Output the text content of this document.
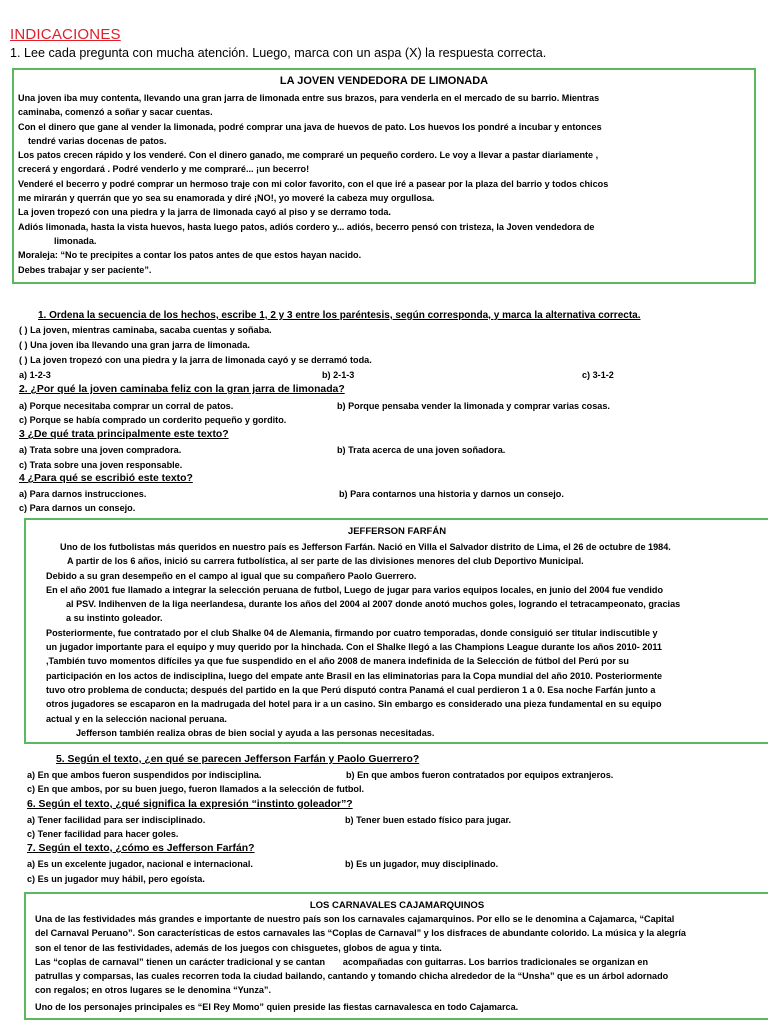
INDICACIONES
1. Lee cada pregunta con mucha atención. Luego, marca con un aspa (X) la respuesta correcta.
LA JOVEN VENDEDORA DE LIMONADA

Una joven iba muy contenta, llevando una gran jarra de limonada entre sus brazos, para venderla en el mercado de su barrio. Mientras

caminaba, comenzó a soñar y sacar cuentas.

Con el dinero que gane al vender la limonada, podré comprar una java de huevos de pato. Los huevos los pondré a incubar y entonces

tendré varias docenas de patos.

Los patos crecen rápido y los venderé. Con el dinero ganado, me compraré un pequeño cordero. Le voy a llevar a pastar diariamente ,

crecerá y engordará . Podré venderlo y me compraré... ¡un becerro!

Venderé el becerro y podré comprar un hermoso traje con mi color favorito, con el que iré a pasear por la plaza del barrio y todos chicos

me mirarán y querrán que yo sea su enamorada y diré ¡NO!, yo moveré la cabeza muy orgullosa.

La joven tropezó con una piedra y la jarra de limonada cayó al piso y se derramo toda.

Adiós limonada, hasta la vista huevos, hasta luego patos, adiós cordero y... adiós, becerro pensó con tristeza, la Joven vendedora de

limonada.

Moraleja: “No te precipites a contar los patos antes de que estos hayan nacido.

Debes trabajar y ser paciente”.

1. Ordena la secuencia de los hechos, escribe 1, 2 y 3 entre los paréntesis, según corresponda, y marca la alternativa correcta.
( ) La joven, mientras caminaba, sacaba cuentas y soñaba.
( ) Una joven iba llevando una gran jarra de limonada.
( ) La joven tropezó con una piedra y la jarra de limonada cayó y se derramó toda.
a) 1-2-3	b) 2-1-3	c) 3-1-2
2. ¿Por qué la joven caminaba feliz con la gran jarra de limonada?
a) Porque necesitaba comprar un corral de patos.	b) Porque pensaba vender la limonada y comprar varias cosas.
c) Porque se había comprado un corderito pequeño y gordito.
3 ¿De qué trata principalmente este texto?
a) Trata sobre una joven compradora.	b) Trata acerca de una joven soñadora.
c) Trata sobre una joven responsable.
4 ¿Para qué se escribió este texto?
a) Para darnos instrucciones.	b) Para contarnos una historia y darnos un consejo.
c) Para darnos un consejo.
JEFFERSON FARFÁN

Uno de los futbolistas más queridos en nuestro país es Jefferson Farfán. Nació en Villa el Salvador distrito de Lima, el 26 de octubre de 1984.

A partir de los 6 años, inició su carrera futbolística, al ser parte de las divisiones menores del club Deportivo Municipal.

Debido a su gran desempeño en el campo al igual que su compañero Paolo Guerrero.

En el año 2001 fue llamado a integrar la selección peruana de futbol, Luego de jugar para varios equipos locales, en junio del 2004 fue vendido

al PSV. Indihenven de la liga neerlandesa, durante los años del 2004 al 2007 donde anotó muchos goles, logrando el tetracampeonato, gracias

a su instinto goleador.

Posteriormente, fue contratado por el club Shalke 04 de Alemania, firmando por cuatro temporadas, donde consiguió ser titular indiscutible y

un jugador importante para el equipo y muy querido por la hinchada. Con el Shalke llegó a las Champions League durante los años 2010- 2011

,También tuvo momentos difíciles ya que fue suspendido en el año 2008 de manera indefinida de la Selección de fútbol del Perú por su

participación en los actos de indisciplina, luego del empate ante Brasil en las eliminatorias para la Copa mundial del año 2010. Posteriormente

tuvo otro problema de conducta; después del partido en la que Perú disputó contra Panamá el cual perdieron 1 a 0. Esa noche Farfán junto a

otros jugadores se escaparon en la madrugada del hotel para ir a un casino. Sin embargo es considerado una pieza fundamental en su equipo

actual y en la selección nacional peruana.

Jefferson también realiza obras de bien social y ayuda a las personas necesitadas.

5. Según el texto, ¿en qué se parecen Jefferson Farfán y Paolo Guerrero?
a) En que ambos fueron suspendidos por indisciplina.	b) En que ambos fueron contratados por equipos extranjeros.
c) En que ambos, por su buen juego, fueron llamados a la selección de futbol.
6. Según el texto, ¿qué significa la expresión “instinto goleador”?
a) Tener facilidad para ser indisciplinado.	b) Tener buen estado físico para jugar.
c) Tener facilidad para hacer goles.
7. Según el texto, ¿cómo es Jefferson Farfán?
a) Es un excelente jugador, nacional e internacional.	b) Es un jugador, muy disciplinado.
c) Es un jugador muy hábil, pero egoísta.
LOS CARNAVALES CAJAMARQUINOS

Una de las festividades más grandes e importante de nuestro país son los carnavales cajamarquinos. Por ello se le denomina a Cajamarca, “Capital

del Carnaval Peruano”. Son características de estos carnavales las “Coplas de Carnaval” y los disfraces de abundante colorido. La música y la alegría

son el tenor de las festividades, además de los juegos con chisguetes, globos de agua y tinta.

Las “coplas de carnaval” tienen un carácter tradicional y se cantan       acompañadas con guitarras. Los barrios tradicionales se organizan en

patrullas y comparsas, las cuales recorren toda la ciudad bailando, cantando y tomando chicha alrededor de la “Unsha” que es un árbol adornado

con regalos; en otros lugares se le denomina “Yunza”.

Uno de los personajes principales es “El Rey Momo” quien preside las fiestas carnavalesca en todo Cajamarca.
